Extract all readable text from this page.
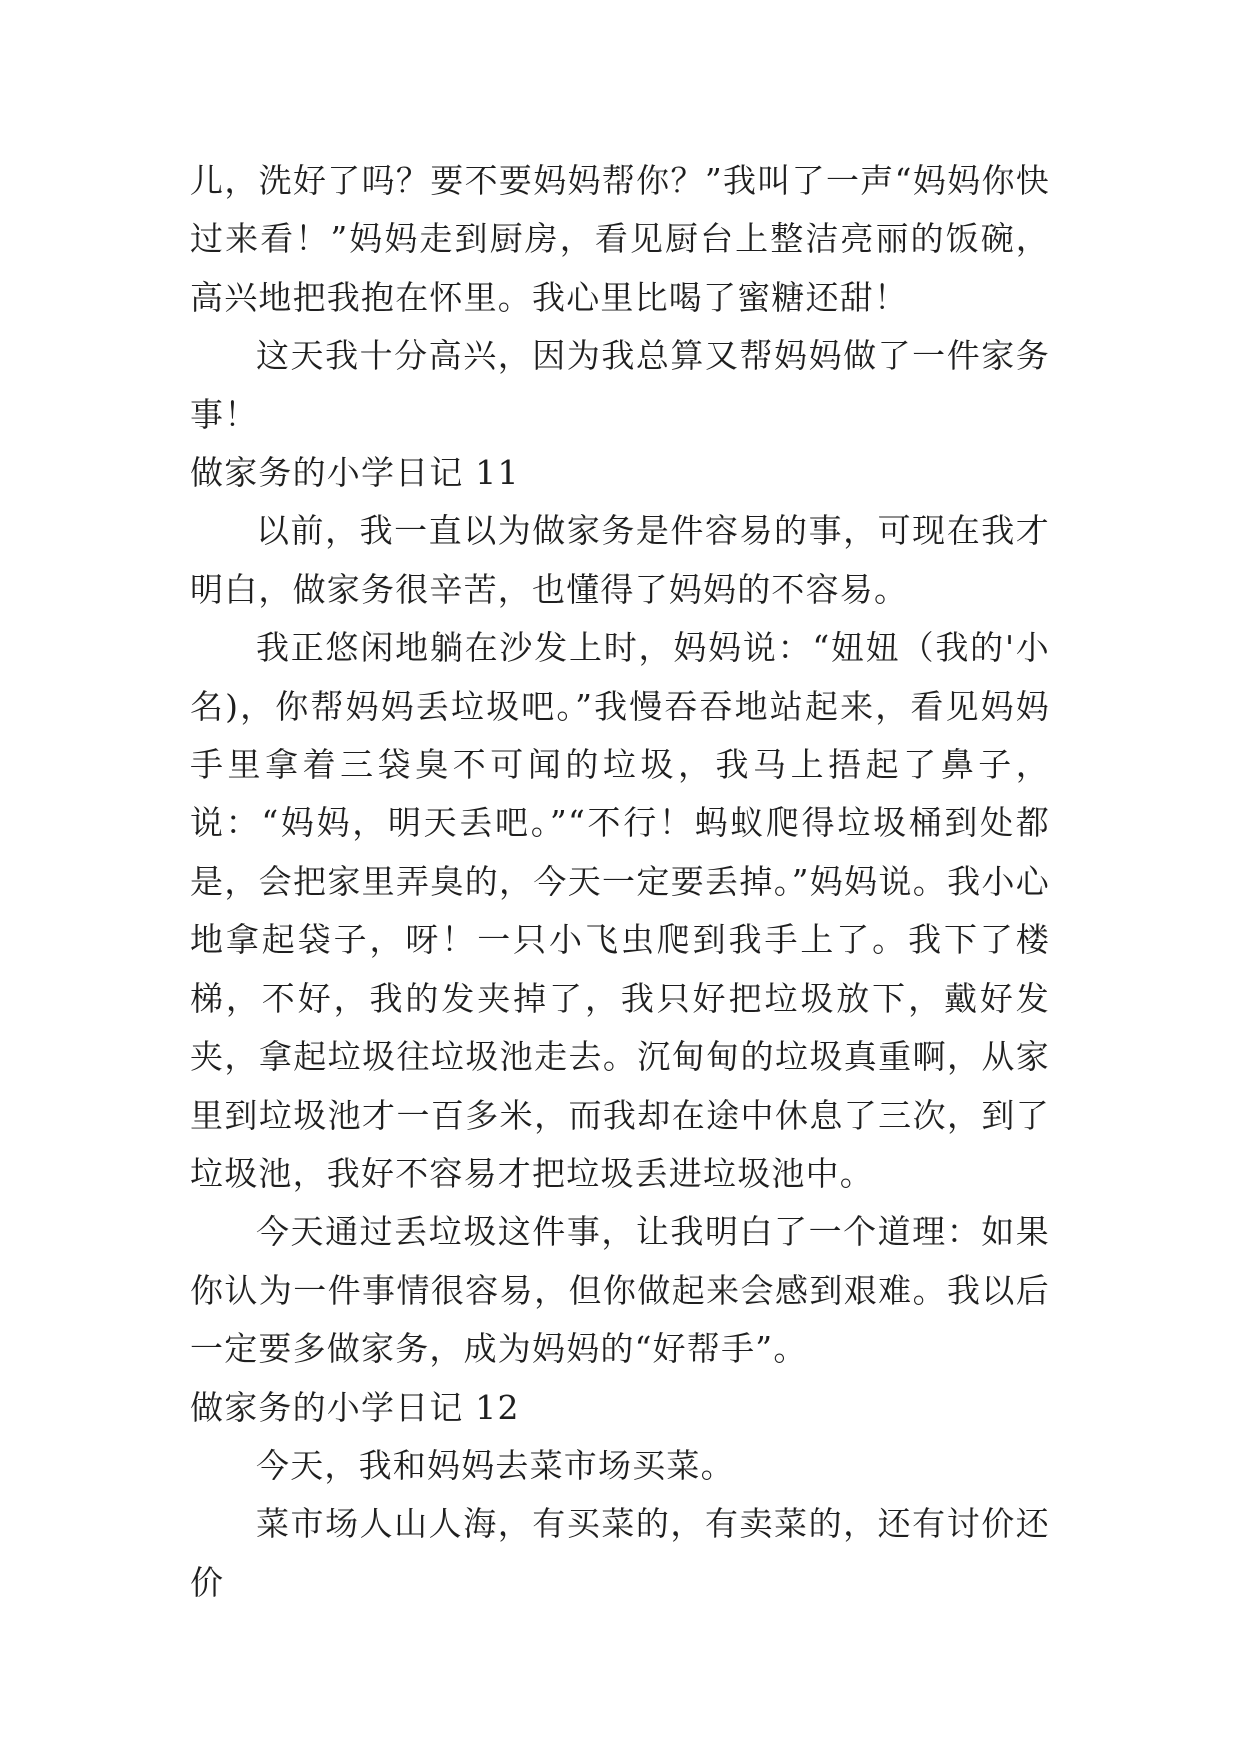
儿，洗好了吗？要不要妈妈帮你？”我叫了一声“妈妈你快过来看！”妈妈走到厨房，看见厨台上整洁亮丽的饭碗，高兴地把我抱在怀里。我心里比喝了蜜糖还甜！

这天我十分高兴，因为我总算又帮妈妈做了一件家务事！

做家务的小学日记 11

以前，我一直以为做家务是件容易的事，可现在我才明白，做家务很辛苦，也懂得了妈妈的不容易。

我正悠闲地躺在沙发上时，妈妈说：“妞妞（我的'小名)，你帮妈妈丢垃圾吧。”我慢吞吞地站起来，看见妈妈手里拿着三袋臭不可闻的垃圾，我马上捂起了鼻子，说：“妈妈，明天丢吧。”“不行！蚂蚁爬得垃圾桶到处都是，会把家里弄臭的，今天一定要丢掉。”妈妈说。我小心地拿起袋子，呀！一只小飞虫爬到我手上了。我下了楼梯，不好，我的发夹掉了，我只好把垃圾放下，戴好发夹，拿起垃圾往垃圾池走去。沉甸甸的垃圾真重啊，从家里到垃圾池才一百多米，而我却在途中休息了三次，到了垃圾池，我好不容易才把垃圾丢进垃圾池中。

今天通过丢垃圾这件事，让我明白了一个道理：如果你认为一件事情很容易，但你做起来会感到艰难。我以后一定要多做家务，成为妈妈的“好帮手”。

做家务的小学日记 12

今天，我和妈妈去菜市场买菜。

菜市场人山人海，有买菜的，有卖菜的，还有讨价还价
